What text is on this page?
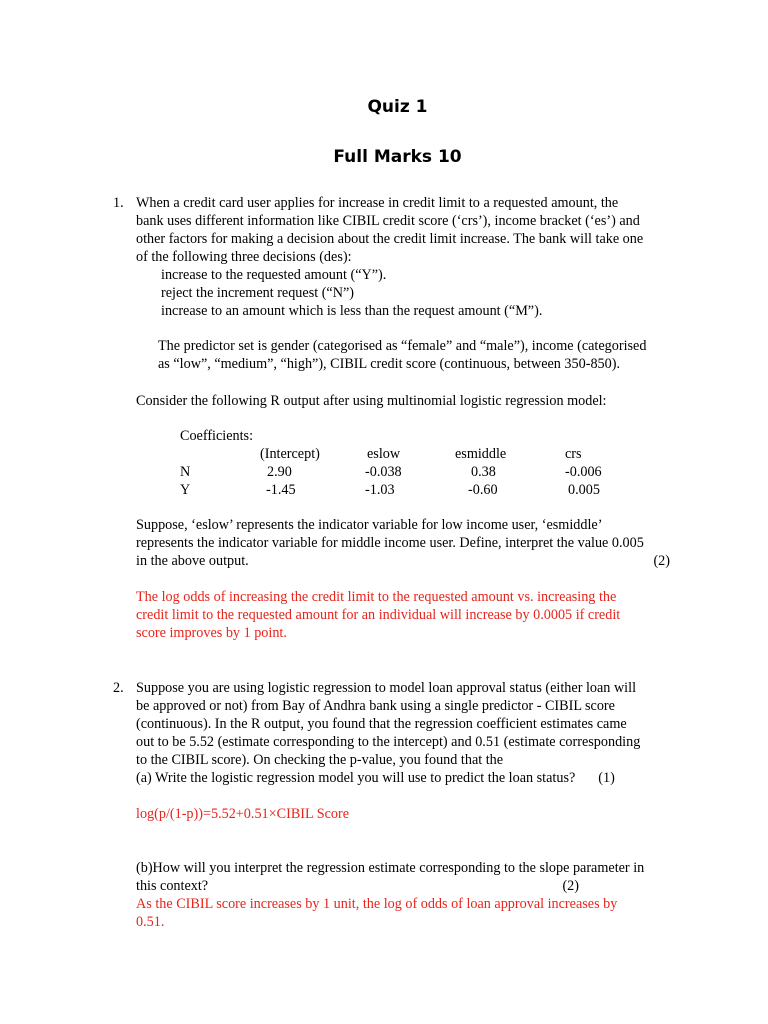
Quiz 1
Full Marks 10
1. When a credit card user applies for increase in credit limit to a requested amount, the
bank uses different information like CIBIL credit score (‘crs’), income bracket (‘es’) and
other factors for making a decision about the credit limit increase. The bank will take one
of the following three decisions (des):
increase to the requested amount (“Y”).
reject the increment request (“N”)
increase to an amount which is less than the request amount (“M”).
The predictor set is gender (categorised as “female” and “male”), income (categorised
as “low”, “medium”, “high”), CIBIL credit score (continuous, between 350-850).
Consider the following R output after using multinomial logistic regression model:
Coefficients:				
	(Intercept)	eslow	esmiddle	crs
N	2.90	-0.038	0.38	-0.006
Y	-1.45	-1.03	-0.60	0.005
Suppose, ‘eslow’ represents the indicator variable for low income user, ‘esmiddle’
represents the indicator variable for middle income user. Define, interpret the value 0.005
in the above output.	(2)
The log odds of increasing the credit limit to the requested amount vs. increasing the
credit limit to the requested amount for an individual will increase by 0.0005 if credit
score improves by 1 point.
2. Suppose you are using logistic regression to model loan approval status (either loan will
be approved or not) from Bay of Andhra bank using a single predictor - CIBIL score
(continuous). In the R output, you found that the regression coefficient estimates came
out to be 5.52 (estimate corresponding to the intercept) and 0.51 (estimate corresponding
to the CIBIL score). On checking the p-value, you found that the
(a) Write the logistic regression model you will use to predict the loan status? (1)
log(p/(1-p))=5.52+0.51×CIBIL Score
(b)How will you interpret the regression estimate corresponding to the slope parameter in
this context?	(2)
As the CIBIL score increases by 1 unit, the log of odds of loan approval increases by
0.51.
